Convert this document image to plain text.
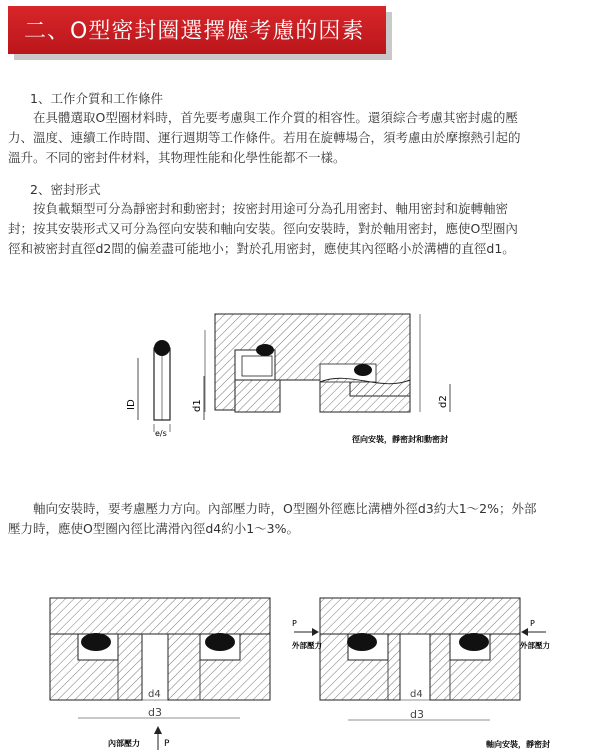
二、O型密封圈選擇應考慮的因素
1、工作介質和工作條件
　　在具體選取O型圈材料時，首先要考慮與工作介質的相容性。還須綜合考慮其密封處的壓
力、溫度、連續工作時間、運行週期等工作條件。若用在旋轉場合，須考慮由於摩擦熱引起的
溫升。不同的密封件材料，其物理性能和化學性能都不一樣。
2、密封形式
　　按負載類型可分為靜密封和動密封；按密封用途可分為孔用密封、軸用密封和旋轉軸密
封；按其安裝形式又可分為徑向安裝和軸向安裝。徑向安裝時，對於軸用密封，應使O型圈內
徑和被密封直徑d2間的偏差盡可能地小；對於孔用密封，應使其內徑略小於溝槽的直徑d1。
ID
e/s
d1	d2
徑向安裝，靜密封和動密封
　　軸向安裝時，要考慮壓力方向。內部壓力時，O型圈外徑應比溝槽外徑d3約大1～2%；外部
壓力時，應使O型圈內徑比溝滑內徑d4約小1～3%。
d4
d3
P
內部壓力
d4
d3
P
外部壓力
P
外部壓力
軸向安裝，靜密封
